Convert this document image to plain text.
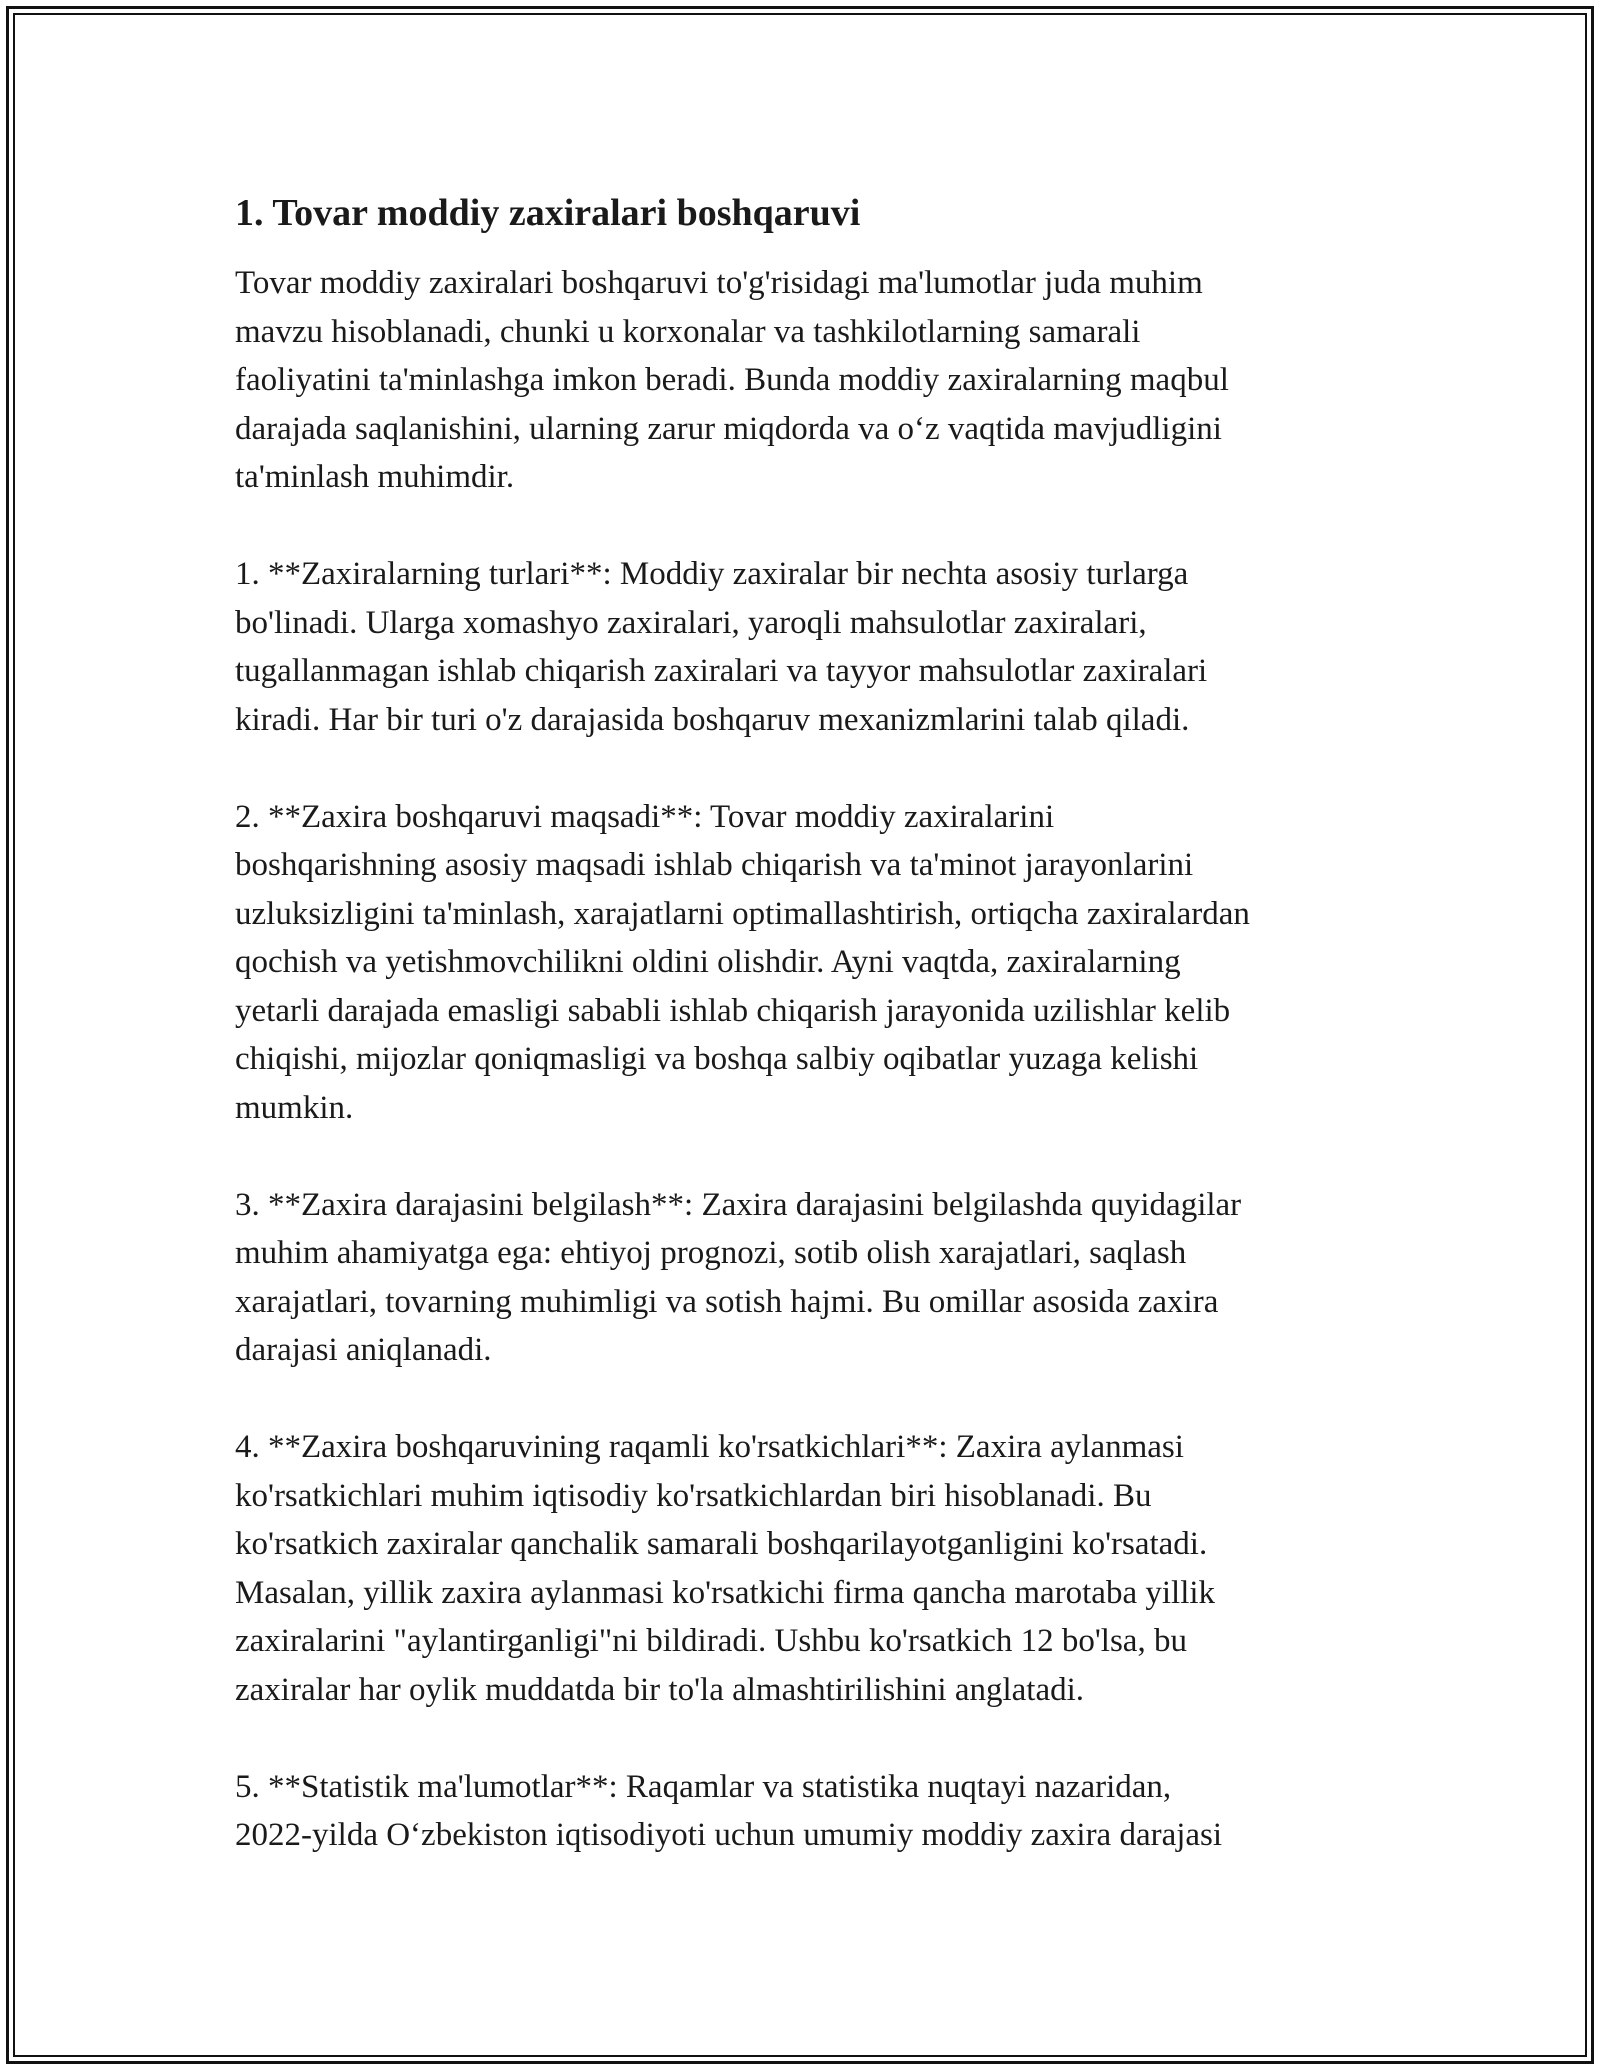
1. Tovar moddiy zaxiralari boshqaruvi

Tovar moddiy zaxiralari boshqaruvi to'g'risidagi ma'lumotlar juda muhim
mavzu hisoblanadi, chunki u korxonalar va tashkilotlarning samarali
faoliyatini ta'minlashga imkon beradi. Bunda moddiy zaxiralarning maqbul
darajada saqlanishini, ularning zarur miqdorda va o‘z vaqtida mavjudligini
ta'minlash muhimdir.

1. **Zaxiralarning turlari**: Moddiy zaxiralar bir nechta asosiy turlarga
bo'linadi. Ularga xomashyo zaxiralari, yaroqli mahsulotlar zaxiralari,
tugallanmagan ishlab chiqarish zaxiralari va tayyor mahsulotlar zaxiralari
kiradi. Har bir turi o'z darajasida boshqaruv mexanizmlarini talab qiladi.

2. **Zaxira boshqaruvi maqsadi**: Tovar moddiy zaxiralarini
boshqarishning asosiy maqsadi ishlab chiqarish va ta'minot jarayonlarini
uzluksizligini ta'minlash, xarajatlarni optimallashtirish, ortiqcha zaxiralardan
qochish va yetishmovchilikni oldini olishdir. Ayni vaqtda, zaxiralarning
yetarli darajada emasligi sababli ishlab chiqarish jarayonida uzilishlar kelib
chiqishi, mijozlar qoniqmasligi va boshqa salbiy oqibatlar yuzaga kelishi
mumkin.

3. **Zaxira darajasini belgilash**: Zaxira darajasini belgilashda quyidagilar
muhim ahamiyatga ega: ehtiyoj prognozi, sotib olish xarajatlari, saqlash
xarajatlari, tovarning muhimligi va sotish hajmi. Bu omillar asosida zaxira
darajasi aniqlanadi.

4. **Zaxira boshqaruvining raqamli ko'rsatkichlari**: Zaxira aylanmasi
ko'rsatkichlari muhim iqtisodiy ko'rsatkichlardan biri hisoblanadi. Bu
ko'rsatkich zaxiralar qanchalik samarali boshqarilayotganligini ko'rsatadi.
Masalan, yillik zaxira aylanmasi ko'rsatkichi firma qancha marotaba yillik
zaxiralarini "aylantirganligi"ni bildiradi. Ushbu ko'rsatkich 12 bo'lsa, bu
zaxiralar har oylik muddatda bir to'la almashtirilishini anglatadi.

5. **Statistik ma'lumotlar**: Raqamlar va statistika nuqtayi nazaridan,
2022-yilda O‘zbekiston iqtisodiyoti uchun umumiy moddiy zaxira darajasi
